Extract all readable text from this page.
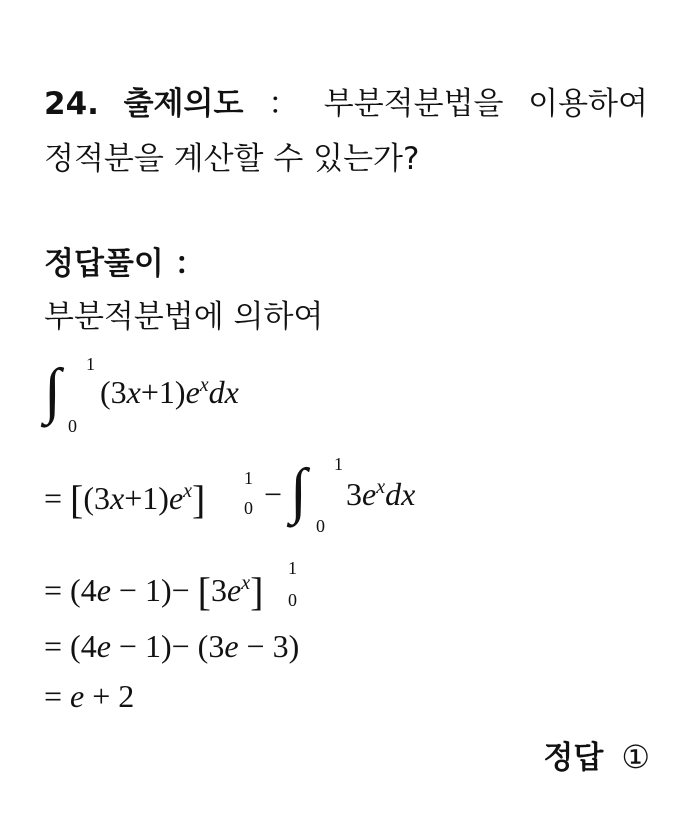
24. 출제의도 ： 부분적분법을 이용하여
정적분을 계산할 수 있는가?
정답풀이 ：
부분적분법에 의하여
∫ 1
0
$(3x+1)e^xdx$
= $[(3x+1)e^x]$ 1
0 − ∫ 1
0
$3e^xdx$
= $(4e - 1)- [3e^x]$
1
0
= (4e − 1)− (3e − 3)
= e + 2
정답 ①
